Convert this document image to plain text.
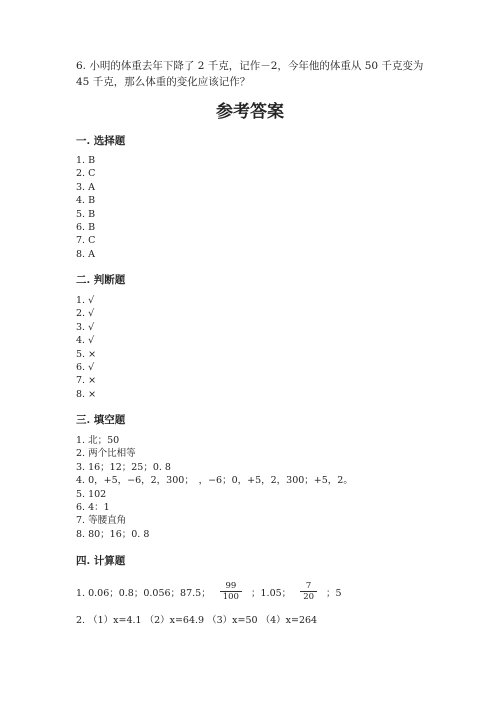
6. 小明的体重去年下降了 2 千克，记作－2，今年他的体重从 50 千克变为 45 千克，那么体重的变化应该记作？
参考答案
一. 选择题
1. B
2. C
3. A
4. B
5. B
6. B
7. C
8. A
二. 判断题
1. √
2. √
3. √
4. √
5. ×
6. √
7. ×
8. ×
三. 填空题
1. 北；50
2. 两个比相等
3. 16；12；25；0. 8
4. 0，+5，−6，2，300；　，−6；0，+5，2，300；+5，2。
5. 102
6. 4：1
7. 等腰直角
8. 80；16；0. 8
四. 计算题
1. 0.06；0.8；0.056；87.5； $\frac{99}{100}$ ；1.05； $\frac{7}{20}$ ；5
2. （1）x=4.1 （2）x=64.9 （3）x=50 （4）x=264
